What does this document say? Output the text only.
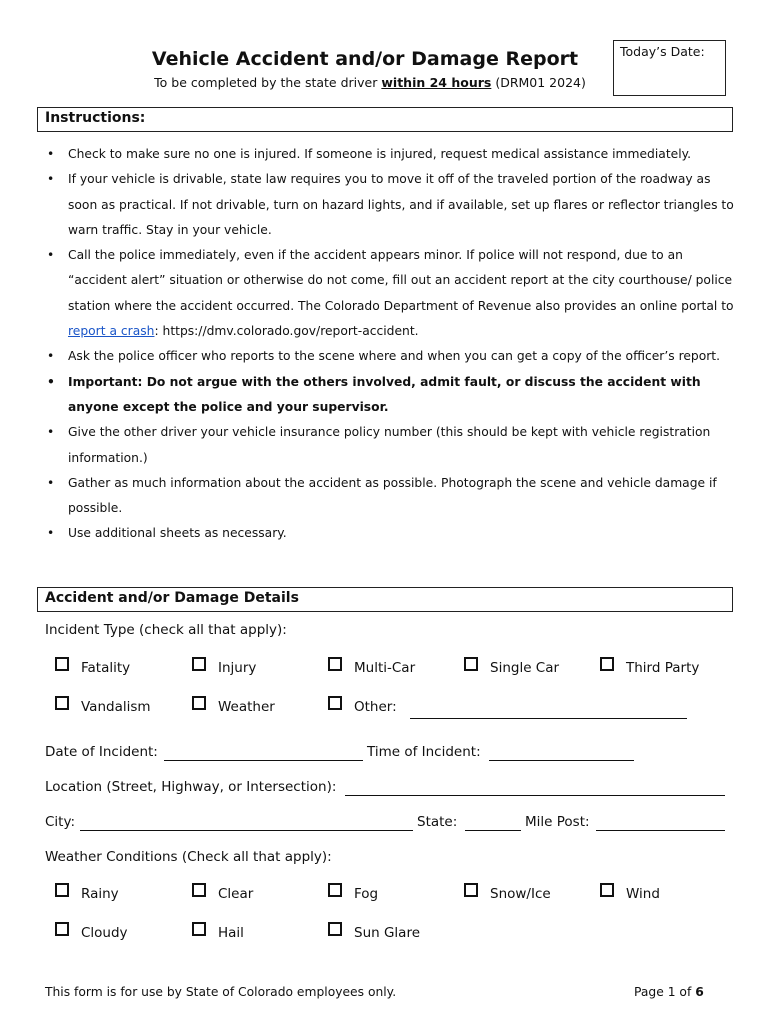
Vehicle Accident and/or Damage Report
To be completed by the state driver within 24 hours (DRM01 2024)
Today’s Date:
Instructions:
• Check to make sure no one is injured. If someone is injured, request medical assistance immediately.
• If your vehicle is drivable, state law requires you to move it off of the traveled portion of the roadway as soon as practical. If not drivable, turn on hazard lights, and if available, set up flares or reflector triangles to warn traffic. Stay in your vehicle.
• Call the police immediately, even if the accident appears minor. If police will not respond, due to an “accident alert” situation or otherwise do not come, fill out an accident report at the city courthouse/ police station where the accident occurred. The Colorado Department of Revenue also provides an online portal to report a crash: https://dmv.colorado.gov/report-accident.
• Ask the police officer who reports to the scene where and when you can get a copy of the officer’s report.
• Important: Do not argue with the others involved, admit fault, or discuss the accident with anyone except the police and your supervisor.
• Give the other driver your vehicle insurance policy number (this should be kept with vehicle registration information.)
• Gather as much information about the accident as possible. Photograph the scene and vehicle damage if possible.
• Use additional sheets as necessary.
Accident and/or Damage Details
Incident Type (check all that apply):
Fatality	Injury	Multi-Car	Single Car	Third Party
Vandalism	Weather	Other:
Date of Incident:	Time of Incident:
Location (Street, Highway, or Intersection):
City:	State:	Mile Post:
Weather Conditions (Check all that apply):
Rainy	Clear	Fog	Snow/Ice	Wind
Cloudy	Hail	Sun Glare
This form is for use by State of Colorado employees only.	Page 1 of 6
